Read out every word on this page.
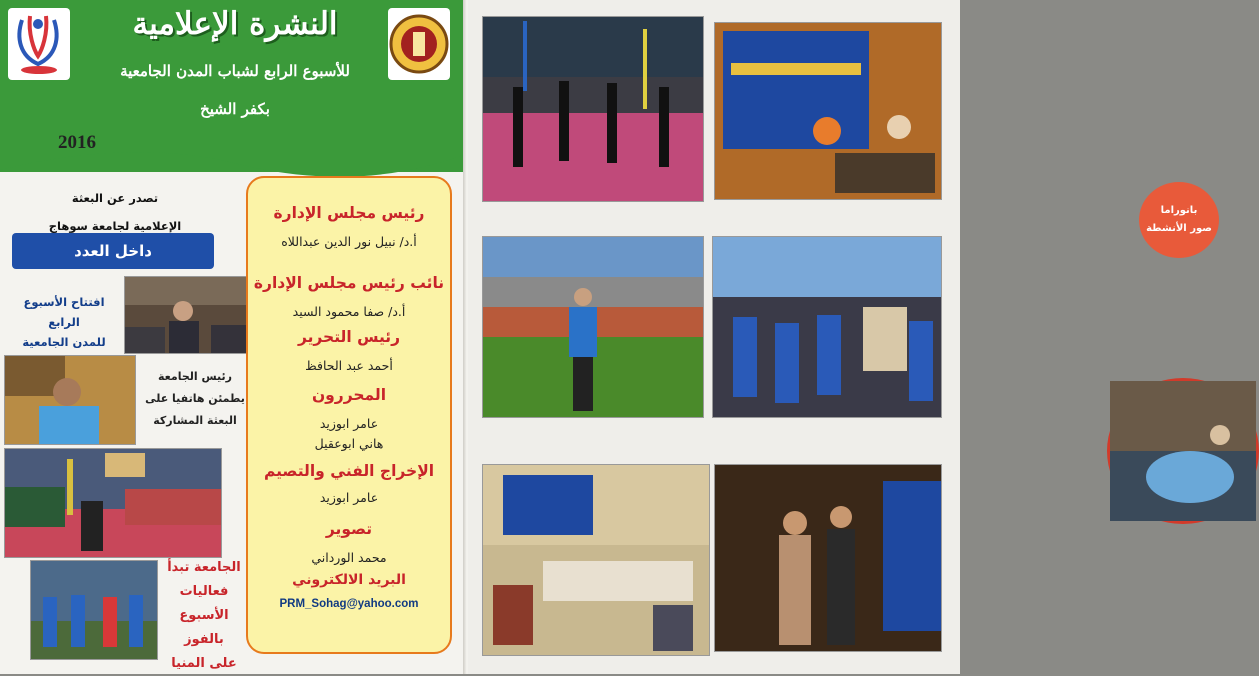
النشرة الإعلامية
للأسبوع الرابع لشباب المدن الجامعية
بكفر الشيخ
2016
تصدر عن البعثة
الإعلامية لجامعة سوهاج
داخل العدد
افتتاح الأسبوع الرابع
للمدن الجامعية
رئيس الجامعة
يطمئن هاتفيا على
البعثة المشاركة
الجامعة تبدأ
فعاليات
الأسبوع بالفوز
على المنيا
رئيس مجلس الإدارة
أ.د/ نبيل نور الدين عبداللاه
نائب رئيس مجلس الإدارة
أ.د/ صفا محمود السيد
رئيس التحرير
أحمد عبد الحافظ
المحررون
عامر ابوزيد
هاني ابوعقيل
الإخراج الفني والتصيم
عامر ابوزيد
تصوير
محمد الورداني
البريد الالكتروني
PRM_Sohag@yahoo.com
بانوراما
صور الأنشطة
